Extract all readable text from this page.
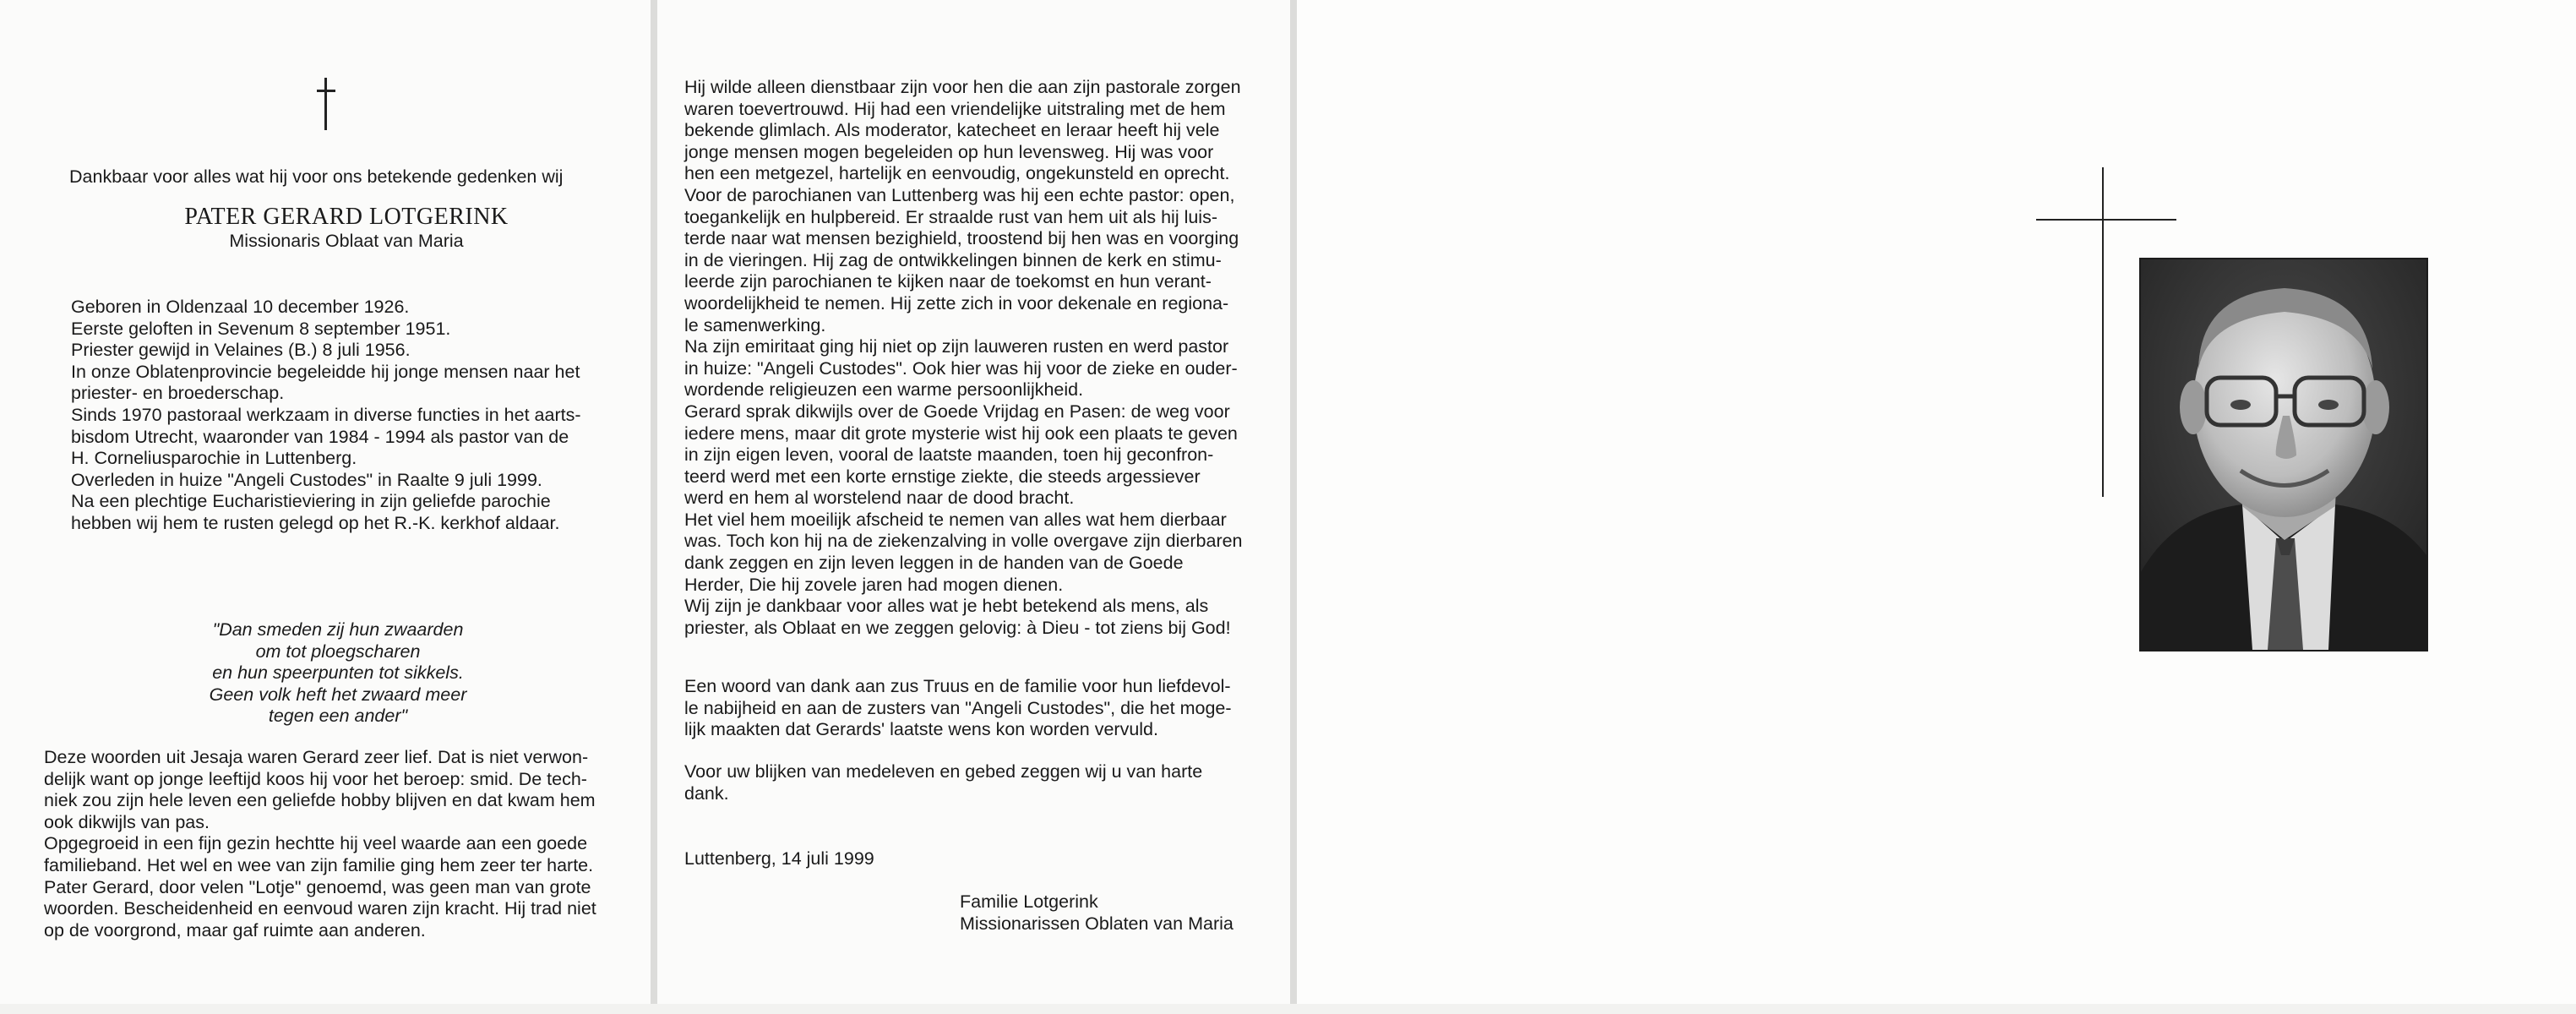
Dankbaar voor alles wat hij voor ons betekende gedenken wij

PATER GERARD LOTGERINK

Missionaris Oblaat van Maria

Geboren in Oldenzaal 10 december 1926.
Eerste geloften in Sevenum 8 september 1951.
Priester gewijd in Velaines (B.) 8 juli 1956.
In onze Oblatenprovincie begeleidde hij jonge mensen naar het
priester- en broederschap.
Sinds 1970 pastoraal werkzaam in diverse functies in het aarts-
bisdom Utrecht, waaronder van 1984 - 1994 als pastor van de
H. Corneliusparochie in Luttenberg.
Overleden in huize "Angeli Custodes" in Raalte 9 juli 1999.
Na een plechtige Eucharistieviering in zijn geliefde parochie
hebben wij hem te rusten gelegd op het R.-K. kerkhof aldaar.
"Dan smeden zij hun zwaarden
om tot ploegscharen
en hun speerpunten tot sikkels.
Geen volk heft het zwaard meer
tegen een ander"
Deze woorden uit Jesaja waren Gerard zeer lief. Dat is niet verwon-
delijk want op jonge leeftijd koos hij voor het beroep: smid. De tech-
niek zou zijn hele leven een geliefde hobby blijven en dat kwam hem
ook dikwijls van pas.
Opgegroeid in een fijn gezin hechtte hij veel waarde aan een goede
familieband. Het wel en wee van zijn familie ging hem zeer ter harte.
Pater Gerard, door velen "Lotje" genoemd, was geen man van grote
woorden. Bescheidenheid en eenvoud waren zijn kracht. Hij trad niet
op de voorgrond, maar gaf ruimte aan anderen.
Hij wilde alleen dienstbaar zijn voor hen die aan zijn pastorale zorgen
waren toevertrouwd. Hij had een vriendelijke uitstraling met de hem
bekende glimlach. Als moderator, katecheet en leraar heeft hij vele
jonge mensen mogen begeleiden op hun levensweg. Hij was voor
hen een metgezel, hartelijk en eenvoudig, ongekunsteld en oprecht.
Voor de parochianen van Luttenberg was hij een echte pastor: open,
toegankelijk en hulpbereid. Er straalde rust van hem uit als hij luis-
terde naar wat mensen bezighield, troostend bij hen was en voorging
in de vieringen. Hij zag de ontwikkelingen binnen de kerk en stimu-
leerde zijn parochianen te kijken naar de toekomst en hun verant-
woordelijkheid te nemen. Hij zette zich in voor dekenale en regiona-
le samenwerking.
Na zijn emiritaat ging hij niet op zijn lauweren rusten en werd pastor
in huize: "Angeli Custodes". Ook hier was hij voor de zieke en ouder-
wordende religieuzen een warme persoonlijkheid.
Gerard sprak dikwijls over de Goede Vrijdag en Pasen: de weg voor
iedere mens, maar dit grote mysterie wist hij ook een plaats te geven
in zijn eigen leven, vooral de laatste maanden, toen hij geconfron-
teerd werd met een korte ernstige ziekte, die steeds argessiever
werd en hem al worstelend naar de dood bracht.
Het viel hem moeilijk afscheid te nemen van alles wat hem dierbaar
was. Toch kon hij na de ziekenzalving in volle overgave zijn dierbaren
dank zeggen en zijn leven leggen in de handen van de Goede
Herder, Die hij zovele jaren had mogen dienen.
Wij zijn je dankbaar voor alles wat je hebt betekend als mens, als
priester, als Oblaat en we zeggen gelovig: à Dieu - tot ziens bij God!
Een woord van dank aan zus Truus en de familie voor hun liefdevol-
le nabijheid en aan de zusters van "Angeli Custodes", die het moge-
lijk maakten dat Gerards' laatste wens kon worden vervuld.
Voor uw blijken van medeleven en gebed zeggen wij u van harte
dank.

Luttenberg, 14 juli 1999

Familie Lotgerink
Missionarissen Oblaten van Maria
